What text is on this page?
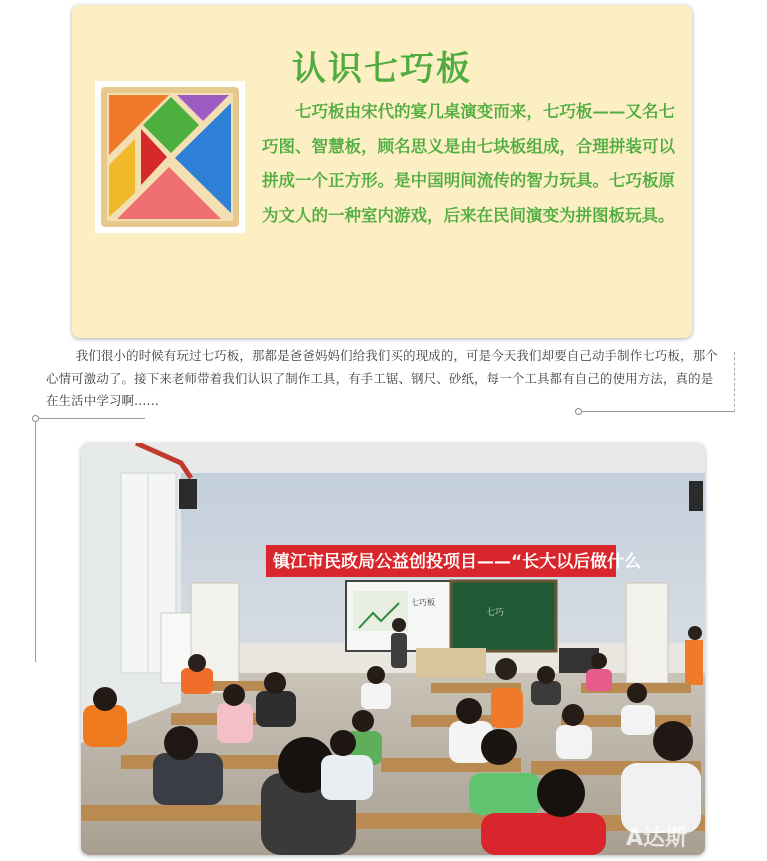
认识七巧板

七巧板由宋代的宴几桌演变而来，七巧板——又名七巧图、智慧板，顾名思义是由七块板组成，合理拼装可以拼成一个正方形。是中国明间流传的智力玩具。七巧板原为文人的一种室内游戏，后来在民间演变为拼图板玩具。

我们很小的时候有玩过七巧板，那都是爸爸妈妈们给我们买的现成的，可是今天我们却要自己动手制作七巧板，那个心情可激动了。接下来老师带着我们认识了制作工具，有手工锯、钢尺、砂纸，每一个工具都有自己的使用方法，真的是在生活中学习啊......

镇江市民政局公益创投项目——“长大以后做什么
七巧板
七巧
A达斯
